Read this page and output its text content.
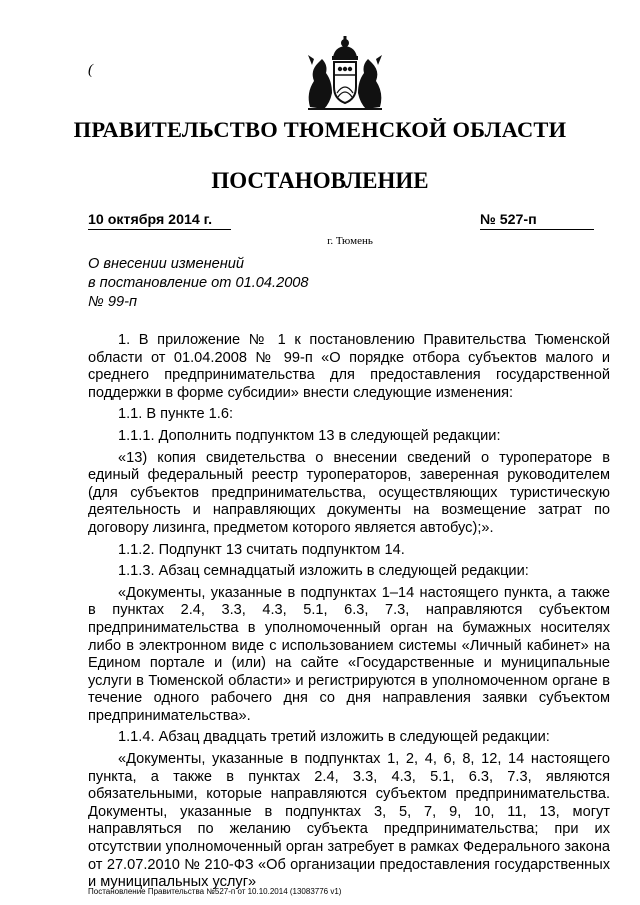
(
ПРАВИТЕЛЬСТВО ТЮМЕНСКОЙ ОБЛАСТИ
ПОСТАНОВЛЕНИЕ
10 октября 2014 г.	№ 527-п
г. Тюмень
О внесении изменений
в постановление от 01.04.2008
№ 99-п

1. В приложение № 1 к постановлению Правительства Тюменской области от 01.04.2008 № 99-п «О порядке отбора субъектов малого и среднего предпринимательства для предоставления государственной поддержки в форме субсидии» внести следующие изменения:

1.1. В пункте 1.6:

1.1.1. Дополнить подпунктом 13 в следующей редакции:

«13) копия свидетельства о внесении сведений о туроператоре в единый федеральный реестр туроператоров, заверенная руководителем (для субъектов предпринимательства, осуществляющих туристическую деятельность и направляющих документы на возмещение затрат по договору лизинга, предметом которого является автобус);».

1.1.2. Подпункт 13 считать подпунктом 14.

1.1.3. Абзац семнадцатый изложить в следующей редакции:

«Документы, указанные в подпунктах 1–14 настоящего пункта, а также в пунктах 2.4, 3.3, 4.3, 5.1, 6.3, 7.3, направляются субъектом предпринимательства в уполномоченный орган на бумажных носителях либо в электронном виде с использованием системы «Личный кабинет» на Едином портале и (или) на сайте «Государственные и муниципальные услуги в Тюменской области» и регистрируются в уполномоченном органе в течение одного рабочего дня со дня направления заявки субъектом предпринимательства».

1.1.4. Абзац двадцать третий изложить в следующей редакции:

«Документы, указанные в подпунктах 1, 2, 4, 6, 8, 12, 14 настоящего пункта, а также в пунктах 2.4, 3.3, 4.3, 5.1, 6.3, 7.3, являются обязательными, которые направляются субъектом предпринимательства. Документы, указанные в подпунктах 3, 5, 7, 9, 10, 11, 13, могут направляться по желанию субъекта предпринимательства; при их отсутствии уполномоченный орган затребует в рамках Федерального закона от 27.07.2010 № 210-ФЗ «Об организации предоставления государственных и муниципальных услуг»

Постановление Правительства №527-п от 10.10.2014 (13083776 v1)
